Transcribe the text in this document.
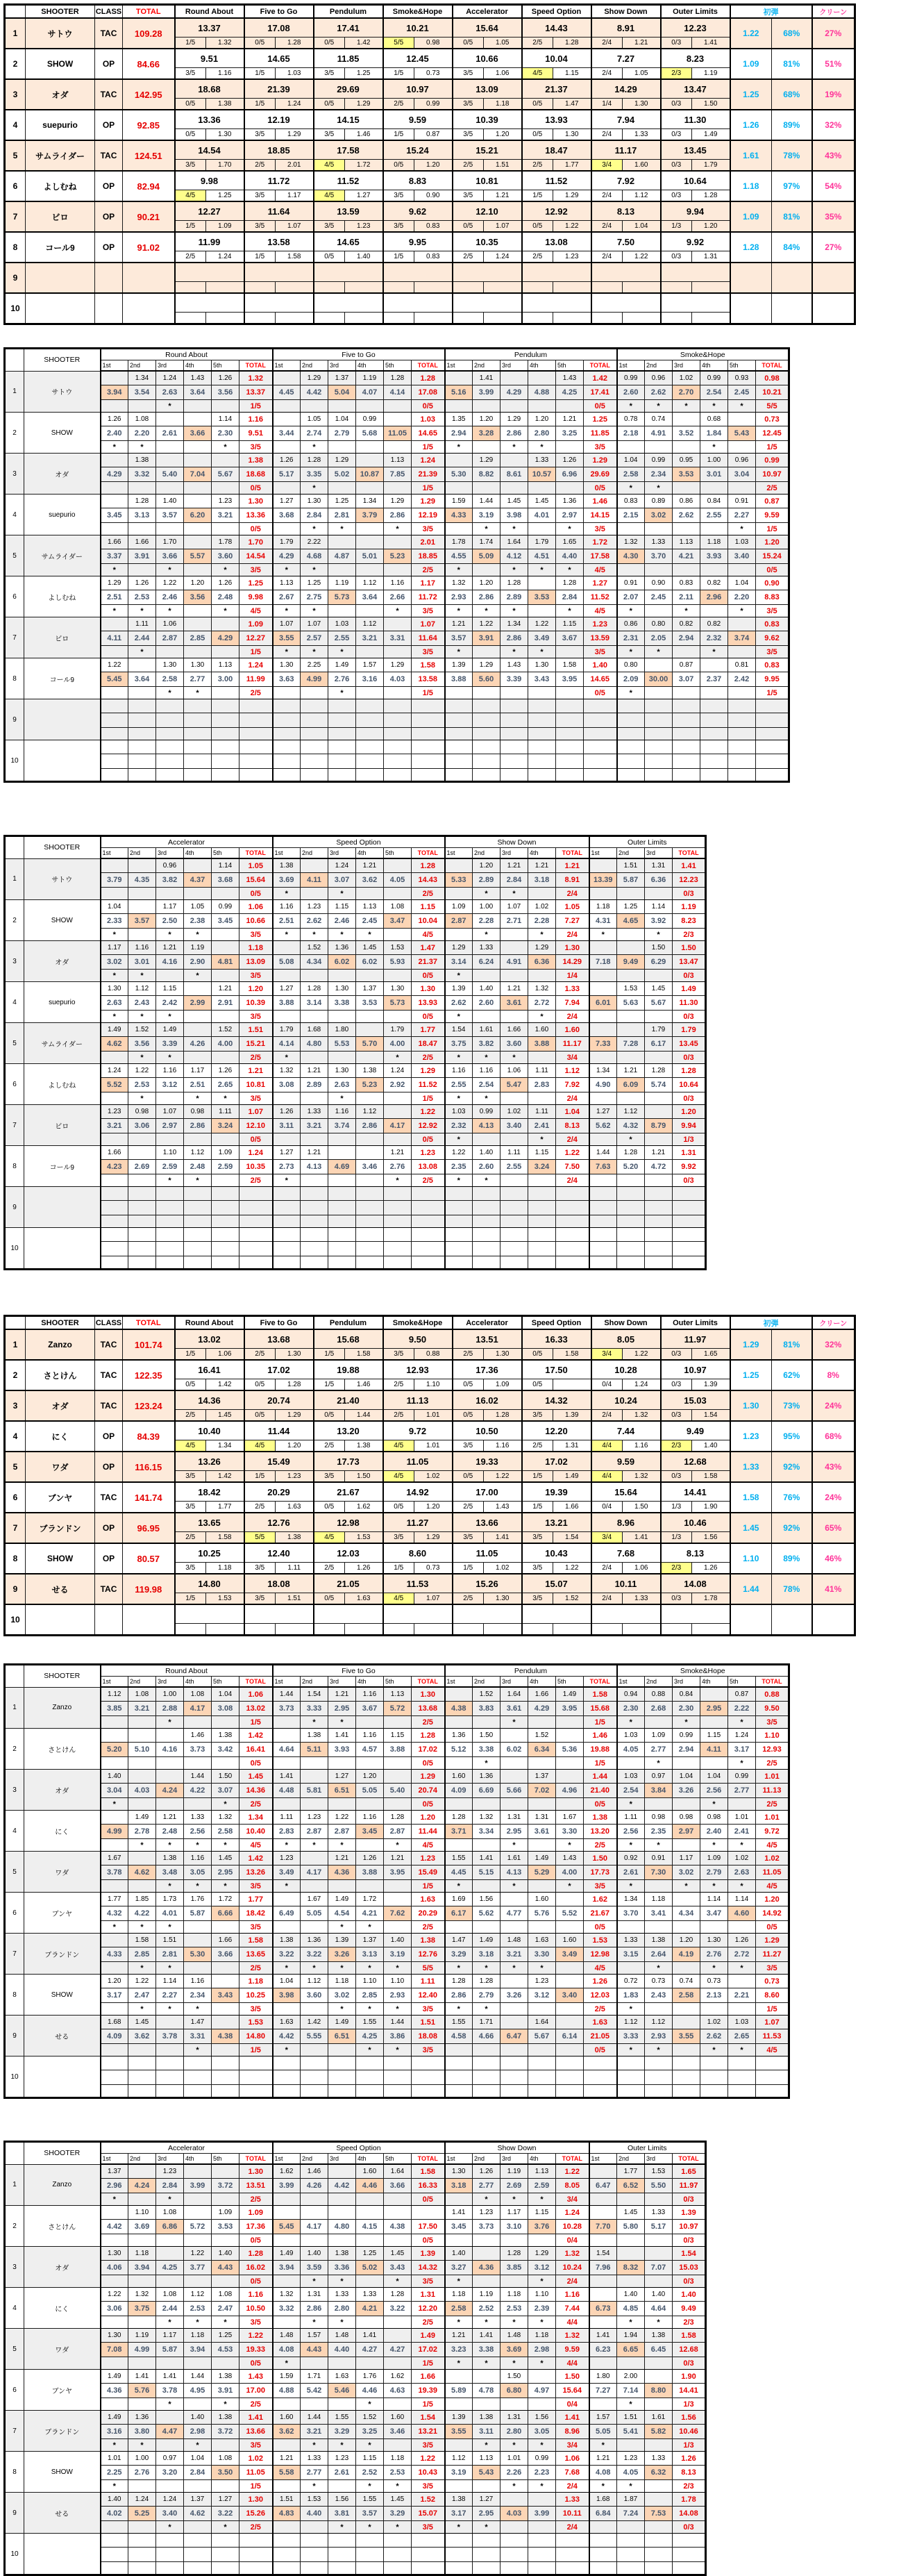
	SHOOTER	CLASS	TOTAL	Round About		Five to Go		Pendulum		Smoke&Hope		Accelerator		Speed Option		Show Down		Outer Limits		初弾		クリーン
1	サトウ	TAC	109.28	13.37		17.08		17.41		10.21		15.64		14.43		8.91		12.23		1.22	68%	27%
				1/5	1.32	0/5	1.28	0/5	1.42	5/5	0.98	0/5	1.05	2/5	1.28	2/4	1.21	0/3	1.41			
2	SHOW	OP	84.66	9.51		14.65		11.85		12.45		10.66		10.04		7.27		8.23		1.09	81%	51%
				3/5	1.16	1/5	1.03	3/5	1.25	1/5	0.73	3/5	1.06	4/5	1.15	2/4	1.05	2/3	1.19			
3	オダ	TAC	142.95	18.68		21.39		29.69		10.97		13.09		21.37		14.29		13.47		1.25	68%	19%
				0/5	1.38	1/5	1.24	0/5	1.29	2/5	0.99	3/5	1.18	0/5	1.47	1/4	1.30	0/3	1.50			
4	suepurio	OP	92.85	13.36		12.19		14.15		9.59		10.39		13.93		7.94		11.30		1.26	89%	32%
				0/5	1.30	3/5	1.29	3/5	1.46	1/5	0.87	3/5	1.20	0/5	1.30	2/4	1.33	0/3	1.49			
5	サムライダー	TAC	124.51	14.54		18.85		17.58		15.24		15.21		18.47		11.17		13.45		1.61	78%	43%
				3/5	1.70	2/5	2.01	4/5	1.72	0/5	1.20	2/5	1.51	2/5	1.77	3/4	1.60	0/3	1.79			
6	よしむね	OP	82.94	9.98		11.72		11.52		8.83		10.81		11.52		7.92		10.64		1.18	97%	54%
				4/5	1.25	3/5	1.17	4/5	1.27	3/5	0.90	3/5	1.21	1/5	1.29	2/4	1.12	0/3	1.28			
7	ビロ	OP	90.21	12.27		11.64		13.59		9.62		12.10		12.92		8.13		9.94		1.09	81%	35%
				1/5	1.09	3/5	1.07	3/5	1.23	3/5	0.83	0/5	1.07	0/5	1.22	2/4	1.04	1/3	1.20			
8	コール9	OP	91.02	11.99		13.58		14.65		9.95		10.35		13.08		7.50		9.92		1.28	84%	27%
				2/5	1.24	1/5	1.58	0/5	1.40	1/5	0.83	2/5	1.24	2/5	1.23	2/4	1.22	0/3	1.31			
9																						

10																						

	SHOOTER	Round About						Five to Go						Pendulum						Smoke&Hope					
		1st	2nd	3rd	4th	5th	TOTAL	1st	2nd	3rd	4th	5th	TOTAL	1st	2nd	3rd	4th	5th	TOTAL	1st	2nd	3rd	4th	5th	TOTAL
1	サトウ		1.34	1.24	1.43	1.26	1.32		1.29	1.37	1.19	1.28	1.28		1.41			1.43	1.42	0.99	0.96	1.02	0.99	0.93	0.98
		3.94	3.54	2.63	3.64	3.56	13.37	4.45	4.42	5.04	4.07	4.14	17.08	5.16	3.99	4.29	4.88	4.25	17.41	2.60	2.62	2.70	2.54	2.45	10.21
				*			1/5						0/5						0/5	*	*	*	*	*	5/5
2	SHOW	1.26	1.08			1.14	1.16		1.05	1.04	0.99		1.03	1.35	1.20	1.29	1.20	1.21	1.25	0.78	0.74		0.68		0.73
		2.40	2.20	2.61	3.66	2.30	9.51	3.44	2.74	2.79	5.68	11.05	14.65	2.94	3.28	2.86	2.80	3.25	11.85	2.18	4.91	3.52	1.84	5.43	12.45
		*	*			*	3/5		*				1/5	*		*	*		3/5				*		1/5
3	オダ		1.38				1.38	1.26	1.28	1.29		1.13	1.24		1.29		1.33	1.26	1.29	1.04	0.99	0.95	1.00	0.96	0.99
		4.29	3.32	5.40	7.04	5.67	18.68	5.17	3.35	5.02	10.87	7.85	21.39	5.30	8.82	8.61	10.57	6.96	29.69	2.58	2.34	3.53	3.01	3.04	10.97
							0/5		*				1/5						0/5	*	*				2/5
4	suepurio		1.28	1.40		1.23	1.30	1.27	1.30	1.25	1.34	1.29	1.29	1.59	1.44	1.45	1.45	1.36	1.46	0.83	0.89	0.86	0.84	0.91	0.87
		3.45	3.13	3.57	6.20	3.21	13.36	3.68	2.84	2.81	3.79	2.86	12.19	4.33	3.19	3.98	4.01	2.97	14.15	2.15	3.02	2.62	2.55	2.27	9.59
							0/5		*	*		*	3/5		*	*		*	3/5					*	1/5
5	サムライダー	1.66	1.66	1.70		1.78	1.70	1.79	2.22				2.01	1.78	1.74	1.64	1.79	1.65	1.72	1.32	1.33	1.13	1.18	1.03	1.20
		3.37	3.91	3.66	5.57	3.60	14.54	4.29	4.68	4.87	5.01	5.23	18.85	4.55	5.09	4.12	4.51	4.40	17.58	4.30	3.70	4.21	3.93	3.40	15.24
		*		*		*	3/5	*	*				2/5	*		*	*	*	4/5						0/5
6	よしむね	1.29	1.26	1.22	1.20	1.26	1.25	1.13	1.25	1.19	1.12	1.16	1.17	1.32	1.20	1.28		1.28	1.27	0.91	0.90	0.83	0.82	1.04	0.90
		2.51	2.53	2.46	3.56	2.48	9.98	2.67	2.75	5.73	3.64	2.66	11.72	2.93	2.86	2.89	3.53	2.84	11.52	2.07	2.45	2.11	2.96	2.20	8.83
		*	*	*		*	4/5	*	*			*	3/5	*	*	*		*	4/5	*		*		*	3/5
7	ビロ		1.11	1.06			1.09	1.07	1.07	1.03	1.12		1.07	1.21	1.22	1.34	1.22	1.15	1.23	0.86	0.80	0.82	0.82		0.83
		4.11	2.44	2.87	2.85	4.29	12.27	3.55	2.57	2.55	3.21	3.31	11.64	3.57	3.91	2.86	3.49	3.67	13.59	2.31	2.05	2.94	2.32	3.74	9.62
			*				1/5	*	*	*			3/5	*		*	*		3/5	*	*		*		3/5
8	コール9	1.22		1.30	1.30	1.13	1.24	1.30	2.25	1.49	1.57	1.29	1.58	1.39	1.29	1.43	1.30	1.58	1.40	0.80		0.87		0.81	0.83
		5.45	3.64	2.58	2.77	3.00	11.99	3.63	4.99	2.76	3.16	4.03	13.58	3.88	5.60	3.39	3.43	3.95	14.65	2.09	30.00	3.07	2.37	2.42	9.95
				*	*		2/5			*			1/5						0/5	*					1/5
9																									

10																									

	SHOOTER	Accelerator						Speed Option						Show Down					Outer Limits			
		1st	2nd	3rd	4th	5th	TOTAL	1st	2nd	3rd	4th	5th	TOTAL	1st	2nd	3rd	4th	TOTAL	1st	2nd	3rd	TOTAL
1	サトウ			0.96		1.14	1.05	1.38		1.24	1.21		1.28		1.20	1.21	1.21	1.21		1.51	1.31	1.41
		3.79	4.35	3.82	4.37	3.68	15.64	3.69	4.11	3.07	3.62	4.05	14.43	5.33	2.89	2.84	3.18	8.91	13.39	5.87	6.36	12.23
							0/5	*		*			2/5		*	*		2/4				0/3
2	SHOW	1.04		1.17	1.05	0.99	1.06	1.16	1.23	1.15	1.13	1.08	1.15	1.09	1.00	1.07	1.02	1.05	1.18	1.25	1.14	1.19
		2.33	3.57	2.50	2.38	3.45	10.66	2.51	2.62	2.46	2.45	3.47	10.04	2.87	2.28	2.71	2.28	7.27	4.31	4.65	3.92	8.23
		*		*	*		3/5	*	*	*	*		4/5		*		*	2/4	*		*	2/3
3	オダ	1.17	1.16	1.21	1.19		1.18		1.52	1.36	1.45	1.53	1.47	1.29	1.33		1.29	1.30			1.50	1.50
		3.02	3.01	4.16	2.90	4.81	13.09	5.08	4.34	6.02	6.02	5.93	21.37	3.14	6.24	4.91	6.36	14.29	7.18	9.49	6.29	13.47
		*	*		*		3/5						0/5	*				1/4				0/3
4	suepurio	1.30	1.12	1.15		1.21	1.20	1.27	1.28	1.30	1.37	1.30	1.30	1.39	1.40	1.21	1.32	1.33		1.53	1.45	1.49
		2.63	2.43	2.42	2.99	2.91	10.39	3.88	3.14	3.38	3.53	5.73	13.93	2.62	2.60	3.61	2.72	7.94	6.01	5.63	5.67	11.30
		*	*	*			3/5						0/5	*			*	2/4				0/3
5	サムライダー	1.49	1.52	1.49		1.52	1.51	1.79	1.68	1.80		1.79	1.77	1.54	1.61	1.66	1.60	1.60			1.79	1.79
		4.62	3.56	3.39	4.26	4.00	15.21	4.14	4.80	5.53	5.70	4.00	18.47	3.75	3.82	3.60	3.88	11.17	7.33	7.28	6.17	13.45
			*	*			2/5	*				*	2/5	*	*	*		3/4				0/3
6	よしむね	1.24	1.22	1.16	1.17	1.26	1.21	1.32	1.21	1.30	1.38	1.24	1.29	1.16	1.16	1.06	1.11	1.12	1.34	1.21	1.28	1.28
		5.52	2.53	3.12	2.51	2.65	10.81	3.08	2.89	2.63	5.23	2.92	11.52	2.55	2.54	5.47	2.83	7.92	4.90	6.09	5.74	10.64
			*		*	*	3/5			*			1/5	*	*			2/4				0/3
7	ビロ	1.23	0.98	1.07	0.98	1.11	1.07	1.26	1.33	1.16	1.12		1.22	1.03	0.99	1.02	1.11	1.04	1.27	1.12		1.20
		3.21	3.06	2.97	2.86	3.24	12.10	3.11	3.21	3.74	2.86	4.17	12.92	2.32	4.13	3.40	2.41	8.13	5.62	4.32	8.79	9.94
							0/5						0/5	*			*	2/4		*		1/3
8	コール9	1.66		1.10	1.12	1.09	1.24	1.27	1.21			1.21	1.23	1.22	1.40	1.11	1.15	1.22	1.44	1.28	1.21	1.31
		4.23	2.69	2.59	2.48	2.59	10.35	2.73	4.13	4.69	3.46	2.76	13.08	2.35	2.60	2.55	3.24	7.50	7.63	5.20	4.72	9.92
				*	*		2/5	*				*	2/5	*	*			2/4				0/3
9																						

10																						

	SHOOTER	CLASS	TOTAL	Round About		Five to Go		Pendulum		Smoke&Hope		Accelerator		Speed Option		Show Down		Outer Limits		初弾		クリーン
1	Zanzo	TAC	101.74	13.02		13.68		15.68		9.50		13.51		16.33		8.05		11.97		1.29	81%	32%
				1/5	1.06	2/5	1.30	1/5	1.58	3/5	0.88	2/5	1.30	0/5	1.58	3/4	1.22	0/3	1.65			
2	さとけん	TAC	122.35	16.41		17.02		19.88		12.93		17.36		17.50		10.28		10.97		1.25	62%	8%
				0/5	1.42	0/5	1.28	1/5	1.46	2/5	1.10	0/5	1.09	0/5		0/4	1.24	0/3	1.39			
3	オダ	TAC	123.24	14.36		20.74		21.40		11.13		16.02		14.32		10.24		15.03		1.30	73%	24%
				2/5	1.45	0/5	1.29	0/5	1.44	2/5	1.01	0/5	1.28	3/5	1.39	2/4	1.32	0/3	1.54			
4	にく	OP	84.39	10.40		11.44		13.20		9.72		10.50		12.20		7.44		9.49		1.23	95%	68%
				4/5	1.34	4/5	1.20	2/5	1.38	4/5	1.01	3/5	1.16	2/5	1.31	4/4	1.16	2/3	1.40			
5	ワダ	OP	116.15	13.26		15.49		17.73		11.05		19.33		17.02		9.59		12.68		1.33	92%	43%
				3/5	1.42	1/5	1.23	3/5	1.50	4/5	1.02	0/5	1.22	1/5	1.49	4/4	1.32	0/3	1.58			
6	ブンヤ	TAC	141.74	18.42		20.29		21.67		14.92		17.00		19.39		15.64		14.41		1.58	76%	24%
				3/5	1.77	2/5	1.63	0/5	1.62	0/5	1.20	2/5	1.43	1/5	1.66	0/4	1.50	1/3	1.90			
7	ブランドン	OP	96.95	13.65		12.76		12.98		11.27		13.66		13.21		8.96		10.46		1.45	92%	65%
				2/5	1.58	5/5	1.38	4/5	1.53	3/5	1.29	3/5	1.41	3/5	1.54	3/4	1.41	1/3	1.56			
8	SHOW	OP	80.57	10.25		12.40		12.03		8.60		11.05		10.43		7.68		8.13		1.10	89%	46%
				3/5	1.18	3/5	1.11	2/5	1.26	1/5	0.73	1/5	1.02	3/5	1.22	2/4	1.06	2/3	1.26			
9	せる	TAC	119.98	14.80		18.08		21.05		11.53		15.26		15.07		10.11		14.08		1.44	78%	41%
				1/5	1.53	3/5	1.51	0/5	1.63	4/5	1.07	2/5	1.30	3/5	1.52	2/4	1.33	0/3	1.78			
10																						

	SHOOTER	Round About						Five to Go						Pendulum						Smoke&Hope					
		1st	2nd	3rd	4th	5th	TOTAL	1st	2nd	3rd	4th	5th	TOTAL	1st	2nd	3rd	4th	5th	TOTAL	1st	2nd	3rd	4th	5th	TOTAL
1	Zanzo	1.12	1.08	1.00	1.08	1.04	1.06	1.44	1.54	1.21	1.16	1.13	1.30		1.52	1.64	1.66	1.49	1.58	0.94	0.88	0.84		0.87	0.88
		3.85	3.21	2.88	4.17	3.08	13.02	3.73	3.33	2.95	3.67	5.72	13.68	4.38	3.83	3.61	4.29	3.95	15.68	2.30	2.68	2.30	2.95	2.22	9.50
				*			1/5		*	*			2/5			*			1/5	*		*		*	3/5
2	さとけん				1.46	1.38	1.42		1.38	1.41	1.16	1.15	1.28	1.36	1.50		1.52		1.46	1.03	1.09	0.99	1.15	1.24	1.10
		5.20	5.10	4.16	3.73	3.42	16.41	4.64	5.11	3.93	4.57	3.88	17.02	5.12	3.38	6.02	6.34	5.36	19.88	4.05	2.77	2.94	4.11	3.17	12.93
							0/5						0/5		*				1/5		*			*	2/5
3	オダ	1.40			1.44	1.50	1.45	1.41		1.27	1.20		1.29	1.60	1.36		1.37		1.44	1.03	0.97	1.04	1.04	0.99	1.01
		3.04	4.03	4.24	4.22	3.07	14.36	4.48	5.81	6.51	5.05	5.40	20.74	4.09	6.69	5.66	7.02	4.96	21.40	2.54	3.84	3.26	2.56	2.77	11.13
		*				*	2/5						0/5						0/5	*			*		2/5
4	にく		1.49	1.21	1.33	1.32	1.34	1.11	1.23	1.22	1.16	1.28	1.20	1.28	1.32	1.31	1.31	1.67	1.38	1.11	0.98	0.98	0.98	1.01	1.01
		4.99	2.78	2.48	2.56	2.58	10.40	2.83	2.87	2.87	3.45	2.87	11.44	3.71	3.34	2.95	3.61	3.30	13.20	2.56	2.35	2.97	2.40	2.41	9.72
			*	*	*	*	4/5	*	*	*		*	4/5			*		*	2/5	*	*		*	*	4/5
5	ワダ	1.67		1.38	1.16	1.45	1.42	1.23		1.21	1.26	1.21	1.23	1.55	1.41	1.61	1.49	1.43	1.50	0.92	0.91	1.17	1.09	1.02	1.02
		3.78	4.62	3.48	3.05	2.95	13.26	3.49	4.17	4.36	3.88	3.95	15.49	4.45	5.15	4.13	5.29	4.00	17.73	2.61	7.30	3.02	2.79	2.63	11.05
				*	*	*	3/5	*					1/5	*		*		*	3/5	*		*	*	*	4/5
6	ブンヤ	1.77	1.85	1.73	1.76	1.72	1.77		1.67	1.49	1.72		1.63	1.69	1.56		1.60		1.62	1.34	1.18		1.14	1.14	1.20
		4.32	4.22	4.01	5.87	6.66	18.42	6.49	5.05	4.54	4.21	7.62	20.29	6.17	5.62	4.77	5.76	5.52	21.67	3.70	3.41	4.34	3.47	4.60	14.92
		*	*	*			3/5			*	*		2/5						0/5						0/5
7	ブランドン		1.58	1.51		1.66	1.58	1.38	1.36	1.39	1.37	1.40	1.38	1.47	1.49	1.48	1.63	1.60	1.53	1.33	1.38	1.20	1.30	1.26	1.29
		4.33	2.85	2.81	5.30	3.66	13.65	3.22	3.22	3.26	3.13	3.19	12.76	3.29	3.18	3.21	3.30	3.49	12.98	3.15	2.64	4.19	2.76	2.72	11.27
			*	*			2/5	*	*	*	*	*	5/5	*	*	*	*		4/5		*		*	*	3/5
8	SHOW	1.20	1.22	1.14	1.16		1.18	1.04	1.12	1.18	1.10	1.10	1.11	1.28	1.28		1.23		1.26	0.72	0.73	0.74	0.73		0.73
		3.17	2.47	2.27	2.34	3.43	10.25	3.98	3.60	3.02	2.85	2.93	12.40	2.86	2.79	3.26	3.12	3.40	12.03	1.83	2.43	2.58	2.13	2.21	8.60
			*	*	*		3/5			*	*	*	3/5	*	*				2/5	*					1/5
9	せる	1.68	1.45		1.47		1.53	1.63	1.42	1.49	1.55	1.44	1.51	1.55	1.71		1.64		1.63	1.12	1.12		1.02	1.03	1.07
		4.09	3.62	3.78	3.31	4.38	14.80	4.42	5.55	6.51	4.25	3.86	18.08	4.58	4.66	6.47	5.67	6.14	21.05	3.33	2.93	3.55	2.62	2.65	11.53
					*		1/5	*			*	*	3/5						0/5	*	*		*	*	4/5
10																									

	SHOOTER	Accelerator						Speed Option						Show Down					Outer Limits			
		1st	2nd	3rd	4th	5th	TOTAL	1st	2nd	3rd	4th	5th	TOTAL	1st	2nd	3rd	4th	TOTAL	1st	2nd	3rd	TOTAL
1	Zanzo	1.37		1.23			1.30	1.62	1.46		1.60	1.64	1.58	1.30	1.26	1.19	1.13	1.22		1.77	1.53	1.65
		2.96	4.24	2.84	3.99	3.72	13.51	3.99	4.26	4.42	4.46	3.66	16.33	3.18	2.77	2.69	2.59	8.05	6.47	6.52	5.50	11.97
		*		*			2/5						0/5		*	*	*	3/4				0/3
2	さとけん		1.10	1.08		1.09	1.09							1.41	1.23	1.17	1.15	1.24		1.45	1.33	1.39
		4.42	3.69	6.86	5.72	3.53	17.36	5.45	4.17	4.80	4.15	4.38	17.50	3.45	3.73	3.10	3.76	10.28	7.70	5.80	5.17	10.97
							0/5						0/5					0/4				0/3
3	オダ	1.30	1.18		1.22	1.40	1.28	1.49	1.40	1.38	1.25	1.45	1.39	1.40		1.28	1.29	1.32	1.54			1.54
		4.06	3.94	4.25	3.77	4.43	16.02	3.94	3.59	3.36	5.02	3.43	14.32	3.27	4.36	3.85	3.12	10.24	7.96	8.32	7.07	15.03
							0/5		*	*		*	3/5	*			*	2/4				0/3
4	にく	1.22	1.32	1.08	1.12	1.08	1.16	1.32	1.31	1.33	1.33	1.28	1.31	1.18	1.19	1.18	1.10	1.16		1.40	1.40	1.40
		3.06	3.75	2.44	2.53	2.47	10.50	3.32	2.86	2.80	4.21	3.22	12.20	2.58	2.52	2.53	2.39	7.44	6.73	4.85	4.64	9.49
				*	*	*	3/5		*	*			2/5	*	*	*	*	4/4		*	*	2/3
5	ワダ	1.30	1.19	1.17	1.18	1.25	1.22	1.48	1.57	1.48	1.41		1.49	1.21	1.41	1.48	1.18	1.32	1.41	1.94	1.38	1.58
		7.08	4.99	5.87	3.94	4.53	19.33	4.08	4.43	4.40	4.27	4.27	17.02	3.23	3.38	3.69	2.98	9.59	6.23	6.65	6.45	12.68
							0/5	*					1/5	*	*	*	*	4/4				0/3
6	ブンヤ	1.49	1.41	1.41	1.44	1.38	1.43	1.59	1.71	1.63	1.76	1.62	1.66			1.50		1.50	1.80	2.00		1.90
		4.36	5.76	3.78	4.95	3.91	17.00	4.88	5.42	5.46	4.46	4.63	19.39	5.89	4.78	6.80	4.97	15.64	7.27	7.14	8.80	14.41
				*		*	2/5				*		1/5					0/4		*		1/3
7	ブランドン	1.49	1.36		1.40	1.38	1.41	1.60	1.44	1.55	1.52	1.60	1.54	1.39	1.38	1.31	1.56	1.41	1.57	1.51	1.61	1.56
		3.16	3.80	4.47	2.98	3.72	13.66	3.62	3.21	3.29	3.25	3.46	13.21	3.55	3.11	2.80	3.05	8.96	5.05	5.41	5.82	10.46
		*	*		*		3/5		*	*	*		3/5		*	*	*	3/4	*			1/3
8	SHOW	1.01	1.00	0.97	1.04	1.08	1.02	1.21	1.33	1.23	1.15	1.18	1.22	1.12	1.13	1.01	0.99	1.06	1.21	1.23	1.33	1.26
		2.25	2.76	3.20	2.84	3.50	11.05	5.58	2.77	2.61	2.52	2.53	10.43	3.19	5.43	2.26	2.23	7.68	4.08	4.05	6.32	8.13
		*					1/5		*		*	*	3/5			*	*	2/4	*	*		2/3
9	せる	1.40	1.24	1.24	1.37	1.27	1.30	1.51	1.53	1.56	1.55	1.45	1.52	1.38	1.27			1.33	1.68	1.87		1.78
		4.02	5.25	3.40	4.62	3.22	15.26	4.83	4.40	3.81	3.57	3.29	15.07	3.17	2.95	4.03	3.99	10.11	6.84	7.24	7.53	14.08
				*		*	2/5			*	*	*	3/5	*	*			2/4				0/3
10																						
